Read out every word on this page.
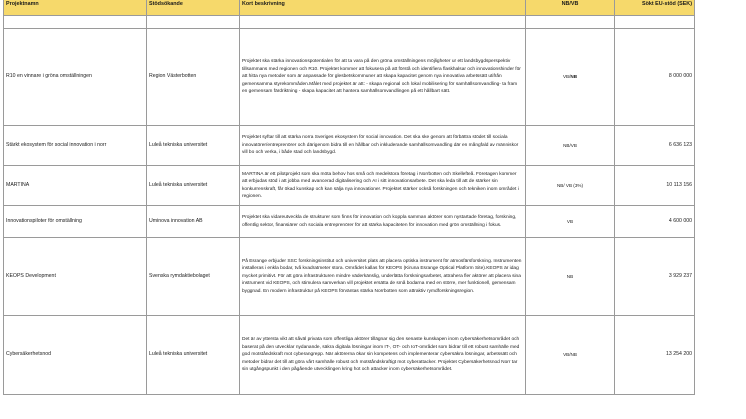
Projektnamn	Stödsökande	Kort beskrivning	NB/VB	Sökt EU-stöd (SEK)

R10 en vinnare i gröna omställningen	Region Västerbotten	Projektet ska stärka innovationspotentialen för att ta vara på den gröna omställningens möjligheter ur ett landsbygdsperspektiv tillsammans med regionen och R10. Projektet kommer att fokusera på att förstå och identifiera flaskhalsar och innovationshinder för att hitta nya metoder som är anpassade för glesbetskommuner att skapa kapacitet genom nya innovativa arbetssätt utifrån gemensamma styrekommåden.Målet med projektet är att: - skapa regional och lokal mobilisering för samhällsomvandling- ta fram en gemensam färdriktning - skapa kapacitet att hantera samhällsomvandlingen på ett hållbart sätt.	VB/NB	8 000 000
Stärkt ekosystem för social innovation i norr	Luleå tekniska universitet	Projektet syftar till att stärka norra Sveriges ekosystem för social innovation. Det ska ske genom att förbättra stödet till sociala innovatörer/entreprenörer och därigenom bidra till en hållbar och inkluderande samhällsomvandling där en mångfald av människor vill bo och verka, i både stad och landsbygd.	NB/VB	6 636 123
MARTINA	Luleå tekniska universitet	MARTINA är ett pilotprojekt som ska möta behov hos små och medelstora företag i Norrbotten och Skellefteå. Företagen kommer att erbjudas stöd i att jobba med avancerad digitalisering och AI i sitt innovationsarbete. Det ska leda till att de stärker sin konkurrenskraft, får ökad kunskap och kan sälja nya innovationer. Projektet stärker också forskningen och tekniken inom området i regionen.	NB/ VB (3%)	10 113 156
Innovationspiloter för omställning	Uminova innovation AB	Projektet ska vidareutveckla de strukturer som finns för innovation och koppla samman aktörer som nystartade företag, forskning, offentlig sektor, finansiärer och sociala entreprenörer för att stärka kapaciteten för innovation med grön omställning i fokus.	VB	4 600 000
KEOPS Development	Svenska rymdaktiebolaget	På Esrange erbjuder SSC forskningsinstitut och universitet plats att placera optiska instrument för atmosfärsforskning. Instrumenten installeras i enkla bodar, två kvadratmeter stora. Området kallas för KEOPS (Kiruna Esrange Optical Platform Site).KEOPS är idag mycket primitivt. För att göra infrastrukturen mindre väderkänslig, underlätta forskningsarbetet, attrahera fler aktörer att placera sina instrument vid KEOPS, och stimulera samverkan vill projektet ersätta de små bodarna med en större, mer funktionell, gemensam byggnad. En modern infrastruktur på KEOPS förväntas stärka Norrbotten som attraktiv rymdforskningsregion.	NB	3 929 237
Cybersäkerhetsnod	Luleå tekniska universitet	Det är av yttersta vikt att såväl privata som offentliga aktörer tillägnar sig den senaste kunskapen inom cybersäkerhetsområdet och baserat på den utvecklar nydanande, säkra digitala lösningar inom IT-, OT- och IoT-området som bidrar till ett robust samhälle med god motståndskraft mot cyberangrepp. När aktörerna ökar sin kompetens och implementerar cybersäkra lösningar, arbetssätt och metoder bidrar det till att göra vårt samhälle robust och motståndskraftigt mot cyberattacker. Projektet Cybersäkerhetsnod Norr tar sin utgångspunkt i den pågående utvecklingen kring hot och attacker inom cybersäkerhetsområdet.	VB/NB	13 254 200
